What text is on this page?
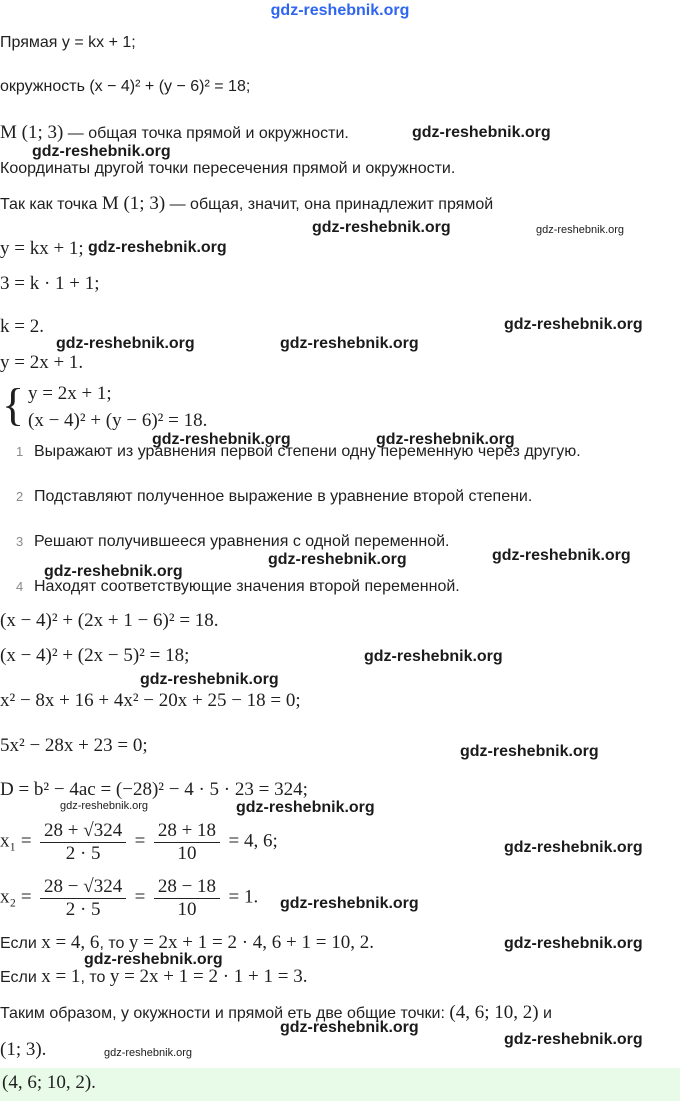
gdz-reshebnik.org
gdz-reshebnik.org
gdz-reshebnik.org
gdz-reshebnik.org	gdz-reshebnik.org
gdz-reshebnik.org
gdz-reshebnik.org
gdz-reshebnik.org	gdz-reshebnik.org
gdz-reshebnik.org	gdz-reshebnik.org
gdz-reshebnik.org	gdz-reshebnik.org
gdz-reshebnik.org
gdz-reshebnik.org
gdz-reshebnik.org
gdz-reshebnik.org
gdz-reshebnik.org	gdz-reshebnik.org
gdz-reshebnik.org
gdz-reshebnik.org
gdz-reshebnik.org
gdz-reshebnik.org
gdz-reshebnik.org
gdz-reshebnik.org
gdz-reshebnik.org
Прямая y = kx + 1;
окружность (x − 4)² + (y − 6)² = 18;
M (1; 3) — общая точка прямой и окружности.
Координаты другой точки пересечения прямой и окружности.
Так как точка M (1; 3) — общая, значит, она принадлежит прямой
y = kx + 1;
3 = k · 1 + 1;
k = 2.
y = 2x + 1.
{ y = 2x + 1;
(x − 4)² + (y − 6)² = 18.
1 Выражают из уравнения первой степени одну переменную через другую.
2 Подставляют полученное выражение в уравнение второй степени.
3 Решают получившееся уравнения с одной переменной.
4 Находят соответствующие значения второй переменной.
(x − 4)² + (2x + 1 − 6)² = 18.
(x − 4)² + (2x − 5)² = 18;
x² − 8x + 16 + 4x² − 20x + 25 − 18 = 0;
5x² − 28x + 23 = 0;
D = b² − 4ac = (−28)² − 4 · 5 · 23 = 324;
$x_1 = \frac{28 + √324}{2 \cdot 5} = \frac{28 + 18}{10} = 4$, 6;
$x_2 = \frac{28 - √324}{2 \cdot 5} = \frac{28 - 18}{10} = 1$.
Если x = 4, 6, то y = 2x + 1 = 2 · 4, 6 + 1 = 10, 2.
Если x = 1, то y = 2x + 1 = 2 · 1 + 1 = 3.
Таким образом, у окужности и прямой еть две общие точки: (4, 6; 10, 2) и
(1; 3).
(4, 6; 10, 2).
